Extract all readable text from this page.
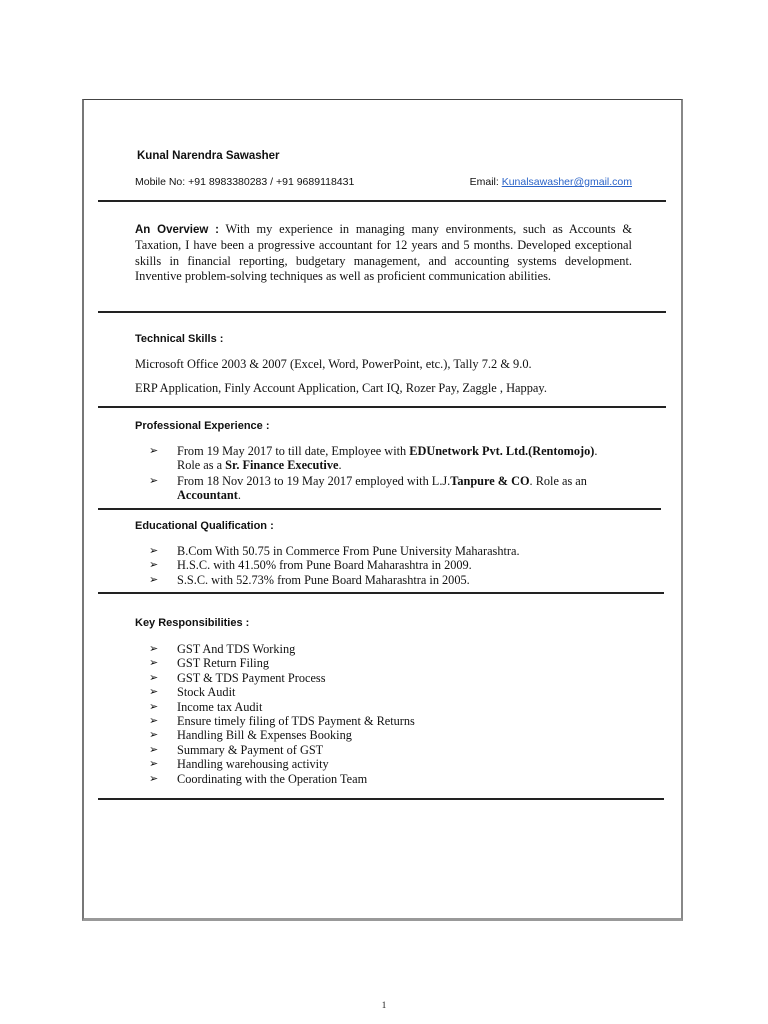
Kunal Narendra Sawasher
Mobile No: +91 8983380283 / +91 9689118431	Email: Kunalsawasher@gmail.com

An Overview : With my experience in managing many environments, such as Accounts & Taxation, I have been a progressive accountant for 12 years and 5 months. Developed exceptional skills in financial reporting, budgetary management, and accounting systems development. Inventive problem-solving techniques as well as proficient communication abilities.

Technical Skills :
Microsoft Office 2003 & 2007 (Excel, Word, PowerPoint, etc.), Tally 7.2 & 9.0.
ERP Application, Finly Account Application, Cart IQ, Rozer Pay, Zaggle , Happay.
Professional Experience :
➢ From 19 May 2017 to till date, Employee with EDUnetwork Pvt. Ltd.(Rentomojo).
Role as a Sr. Finance Executive.
➢ From 18 Nov 2013 to 19 May 2017 employed with L.J.Tanpure & CO. Role as an
Accountant.
Educational Qualification :
➢ B.Com With 50.75 in Commerce From Pune University Maharashtra.
➢ H.S.C. with 41.50% from Pune Board Maharashtra in 2009.
➢ S.S.C. with 52.73% from Pune Board Maharashtra in 2005.
Key Responsibilities :
➢ GST And TDS Working
➢ GST Return Filing
➢ GST & TDS Payment Process
➢ Stock Audit
➢ Income tax Audit
➢ Ensure timely filing of TDS Payment & Returns
➢ Handling Bill & Expenses Booking
➢ Summary & Payment of GST
➢ Handling warehousing activity
➢ Coordinating with the Operation Team
1
